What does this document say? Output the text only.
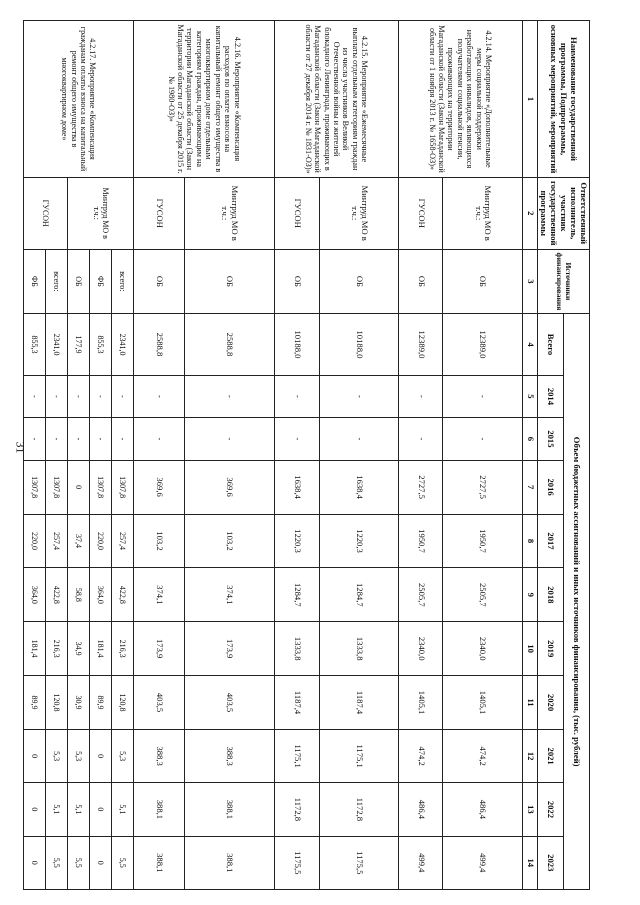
31
Наименование государственной программы, Подпрограммы, основных мероприятий, мероприятий	Ответственный исполнитель, участник государственной программы	Источники финансирования	Объем бюджетных ассигнований и иных источников финансирования, (тыс. рублей)										
			Всего	2014	2015	2016	2017	2018	2019	2020	2021	2022	2023
1	2	3	4	5	6	7	8	9	10	11	12	13	14
4.2.14. Мероприятие «Дополнительные меры социальной поддержки неработающих инвалидов, являющихся получателями социальной пенсии, проживающих на территории Магаданской области (Закон Магаданской области от 1 ноября 2013 г. № 1658-ОЗ)»	Минтруд МО в т.ч.:	ОБ	12389,0	-	-	2727,5	1950,7	2505,7	2340,0	1405,1	474,2	486,4	499,4
	ГУСОН	ОБ	12389,0	-	-	2727,5	1950,7	2505,7	2340,0	1405,1	474,2	486,4	499,4
4.2.15. Мероприятие «Ежемесячные выплаты отдельным категориям граждан из числа участников Великой Отечественной войны и жителей блокадного Ленинграда, проживающих в Магаданской области (Закон Магаданской области от 27 декабря 2014 г. № 1831-ОЗ)»	Минтруд МО в т.ч.:	ОБ	10188,0	-	-	1638,4	1220,3	1284,7	1333,8	1187,4	1175,1	1172,8	1175,5
	ГУСОН	ОБ	10188,0	-	-	1638,4	1220,3	1284,7	1333,8	1187,4	1175,1	1172,8	1175,5
4.2.16. Мероприятие «Компенсация расходов по оплате взносов на капитальный ремонт общего имущества в многоквартирном доме отдельным категориям граждан, проживающим на территории Магаданской области (Закон Магаданской области от 25 декабря 2015 г. № 1980-ОЗ)»	Минтруд МО в т.ч.:	ОБ	2588,8	-	-	369,6	103,2	374,1	173,9	403,5	388,3	388,1	388,1
	ГУСОН	ОБ	2588,8	-	-	369,6	103,2	374,1	173,9	403,5	388,3	388,1	388,1
4.2.17. Мероприятие «Компенсация гражданам оплаты взноса на капитальный ремонт общего имущества в многоквартирном доме»	Минтруд МО в т.ч.:	всего:	2341,0	-	-	1307,8	257,4	422,8	216,3	120,8	5,3	5,1	5,5
		ФБ	855,3	-	-	1307,8	220,0	364,0	181,4	89,9	0	0	0
		ОБ	177,9	-	-	0	37,4	58,8	34,9	30,9	5,3	5,1	5,5
	ГУСОН	всего:	2341,0	-	-	1307,8	257,4	422,8	216,3	120,8	5,3	5,1	5,5
		ФБ	855,3	-	-	1307,8	220,0	364,0	181,4	89,9	0	0	0
